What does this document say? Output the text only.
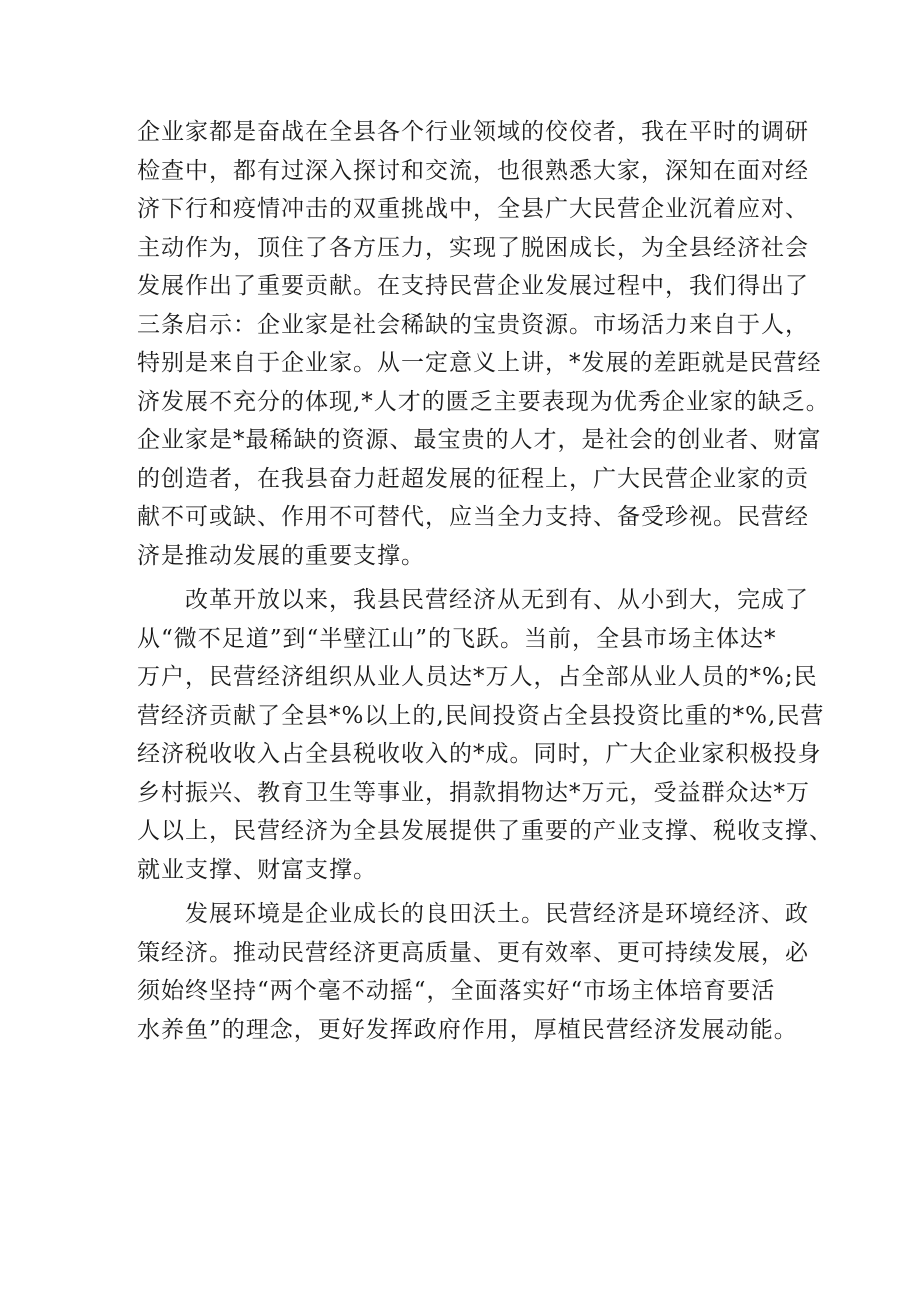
企业家都是奋战在全县各个行业领域的佼佼者，我在平时的调研
检查中，都有过深入探讨和交流，也很熟悉大家，深知在面对经
济下行和疫情冲击的双重挑战中，全县广大民营企业沉着应对、
主动作为，顶住了各方压力，实现了脱困成长，为全县经济社会
发展作出了重要贡献。在支持民营企业发展过程中，我们得出了
三条启示：企业家是社会稀缺的宝贵资源。市场活力来自于人，
特别是来自于企业家。从一定意义上讲，*发展的差距就是民营经
济发展不充分的体现,*人才的匮乏主要表现为优秀企业家的缺乏。
企业家是*最稀缺的资源、最宝贵的人才，是社会的创业者、财富
的创造者，在我县奋力赶超发展的征程上，广大民营企业家的贡
献不可或缺、作用不可替代，应当全力支持、备受珍视。民营经
济是推动发展的重要支撑。
　　改革开放以来，我县民营经济从无到有、从小到大，完成了
从“微不足道”到“半壁江山”的飞跃。当前，全县市场主体达*
万户，民营经济组织从业人员达*万人，占全部从业人员的*%;民
营经济贡献了全县*%以上的,民间投资占全县投资比重的*%,民营
经济税收收入占全县税收收入的*成。同时，广大企业家积极投身
乡村振兴、教育卫生等事业，捐款捐物达*万元，受益群众达*万
人以上，民营经济为全县发展提供了重要的产业支撑、税收支撑、
就业支撑、财富支撑。
　　发展环境是企业成长的良田沃土。民营经济是环境经济、政
策经济。推动民营经济更高质量、更有效率、更可持续发展，必
须始终坚持“两个毫不动摇“，全面落实好“市场主体培育要活
水养鱼”的理念，更好发挥政府作用，厚植民营经济发展动能。
